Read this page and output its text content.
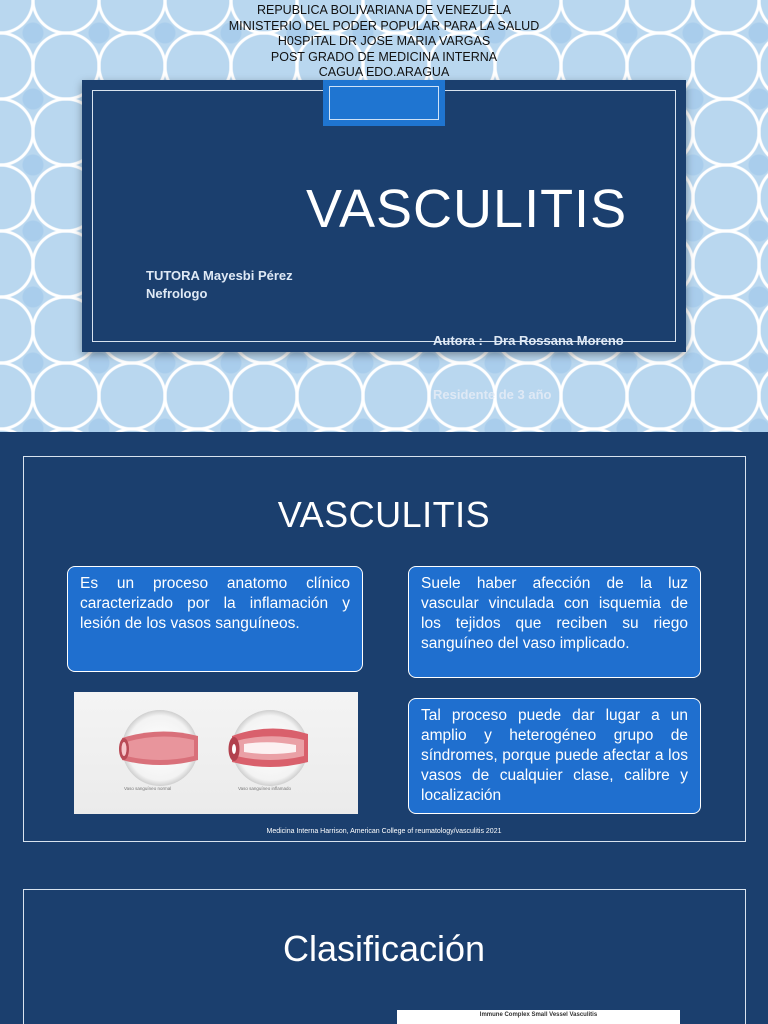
REPUBLICA BOLIVARIANA DE VENEZUELA
MINISTERIO DEL PODER POPULAR PARA LA SALUD
H0SPITAL DR JOSE MARIA VARGAS
POST GRADO DE MEDICINA INTERNA
CAGUA EDO.ARAGUA
VASCULITIS
TUTORA Mayesbi Pérez
Nefrologo

Autora :   Dra Rossana Moreno

Residente de 3 año

VASCULITIS
Es un proceso anatomo clínico caracterizado por la inflamación y lesión de los vasos sanguíneos.
Suele haber afección de la luz vascular vinculada con isquemia de los tejidos que reciben su riego sanguíneo del vaso implicado.
Tal proceso puede dar lugar a un amplio y heterogéneo grupo de síndromes, porque puede afectar a los vasos de cualquier clase, calibre y localización
Vaso sanguíneo normal	Vaso sanguíneo inflamado
Medicina Interna Harrison, American College of reumatology/vasculitis 2021
Clasificación
Immune Complex Small Vessel Vasculitis
